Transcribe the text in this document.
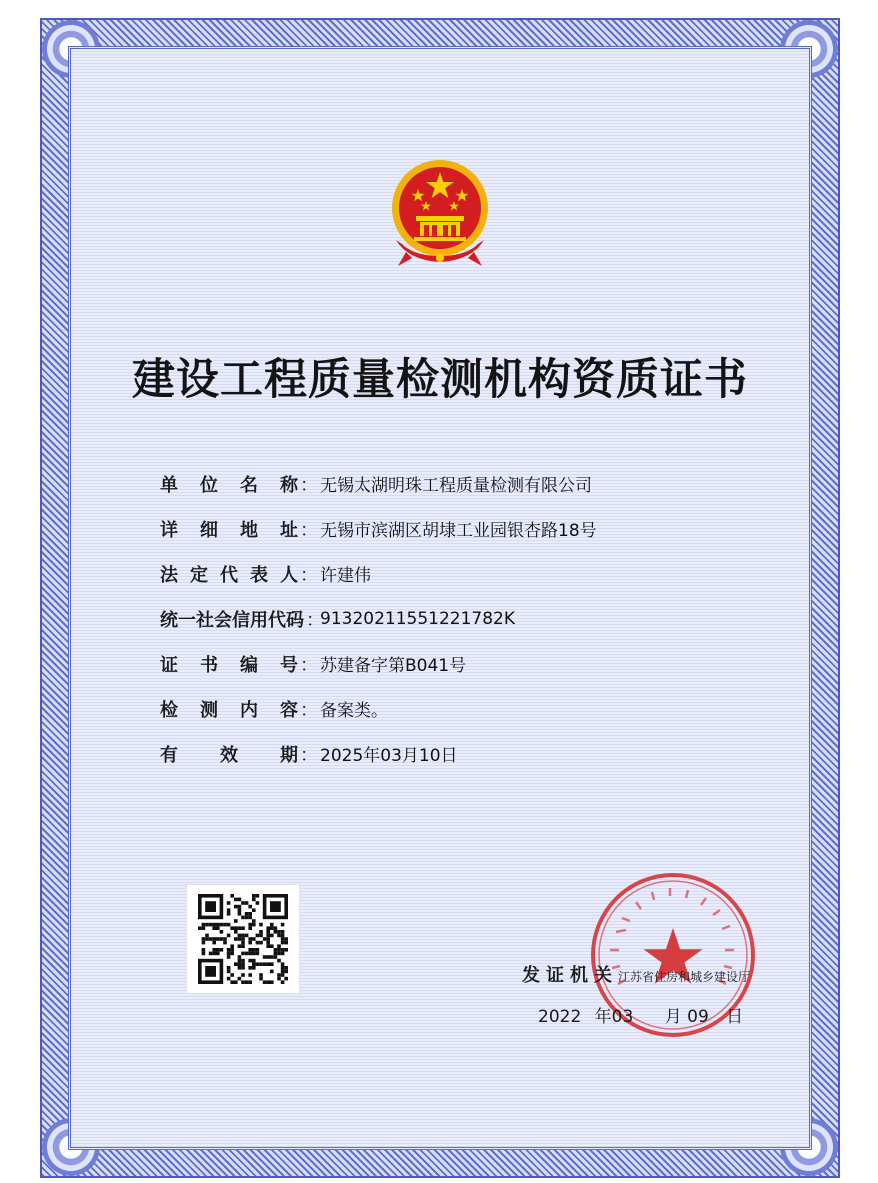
建设工程质量检测机构资质证书
单 位 名 称 ： 无锡太湖明珠工程质量检测有限公司
详 细 地 址 ： 无锡市滨湖区胡埭工业园银杏路18号
法 定 代 表 人 ： 许建伟
统一社会信用代码 ：
91320211551221782K
证 书 编 号 ： 苏建备字第B041号
检 测 内 容 ： 备案类。
有 效 期 ： 2025年03月10日
发证机关江苏省住房和城乡建设厅
2022 年03 月 09 日
